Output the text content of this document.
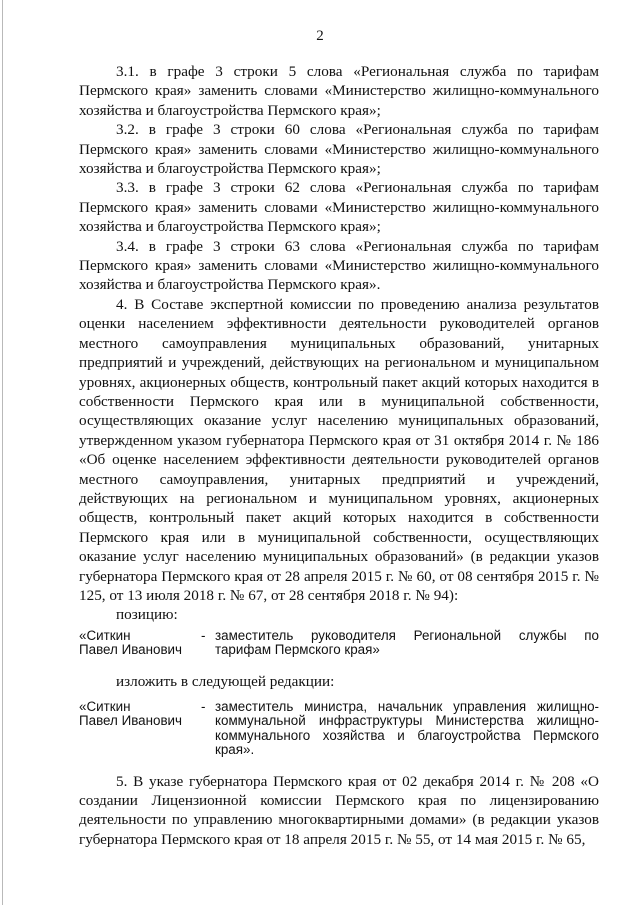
2

3.1. в графе 3 строки 5 слова «Региональная служба по тарифам Пермского края» заменить словами «Министерство жилищно-коммунального хозяйства и благоустройства Пермского края»;

3.2. в графе 3 строки 60 слова «Региональная служба по тарифам Пермского края» заменить словами «Министерство жилищно-коммунального хозяйства и благоустройства Пермского края»;

3.3. в графе 3 строки 62 слова «Региональная служба по тарифам Пермского края» заменить словами «Министерство жилищно-коммунального хозяйства и благоустройства Пермского края»;

3.4. в графе 3 строки 63 слова «Региональная служба по тарифам Пермского края» заменить словами «Министерство жилищно-коммунального хозяйства и благоустройства Пермского края».

4. В Составе экспертной комиссии по проведению анализа результатов оценки населением эффективности деятельности руководителей органов местного самоуправления муниципальных образований, унитарных предприятий и учреждений, действующих на региональном и муниципальном уровнях, акционерных обществ, контрольный пакет акций которых находится в собственности Пермского края или в муниципальной собственности, осуществляющих оказание услуг населению муниципальных образований, утвержденном указом губернатора Пермского края от 31 октября 2014 г. № 186 «Об оценке населением эффективности деятельности руководителей органов местного самоуправления, унитарных предприятий и учреждений, действующих на региональном и муниципальном уровнях, акционерных обществ, контрольный пакет акций которых находится в собственности Пермского края или в муниципальной собственности, осуществляющих оказание услуг населению муниципальных образований» (в редакции указов губернатора Пермского края от 28 апреля 2015 г. № 60, от 08 сентября 2015 г. № 125, от 13 июля 2018 г. № 67, от 28 сентября 2018 г. № 94):

позицию:

«Ситкин
Павел Иванович
- заместитель руководителя Региональной службы по тарифам Пермского края»

изложить в следующей редакции:

«Ситкин
Павел Иванович
- заместитель министра, начальник управления жилищно-коммунальной инфраструктуры Министерства жилищно-коммунального хозяйства и благоустройства Пермского края».

5. В указе губернатора Пермского края от 02 декабря 2014 г. № 208 «О создании Лицензионной комиссии Пермского края по лицензированию деятельности по управлению многоквартирными домами» (в редакции указов губернатора Пермского края от 18 апреля 2015 г. № 55, от 14 мая 2015 г. № 65,
